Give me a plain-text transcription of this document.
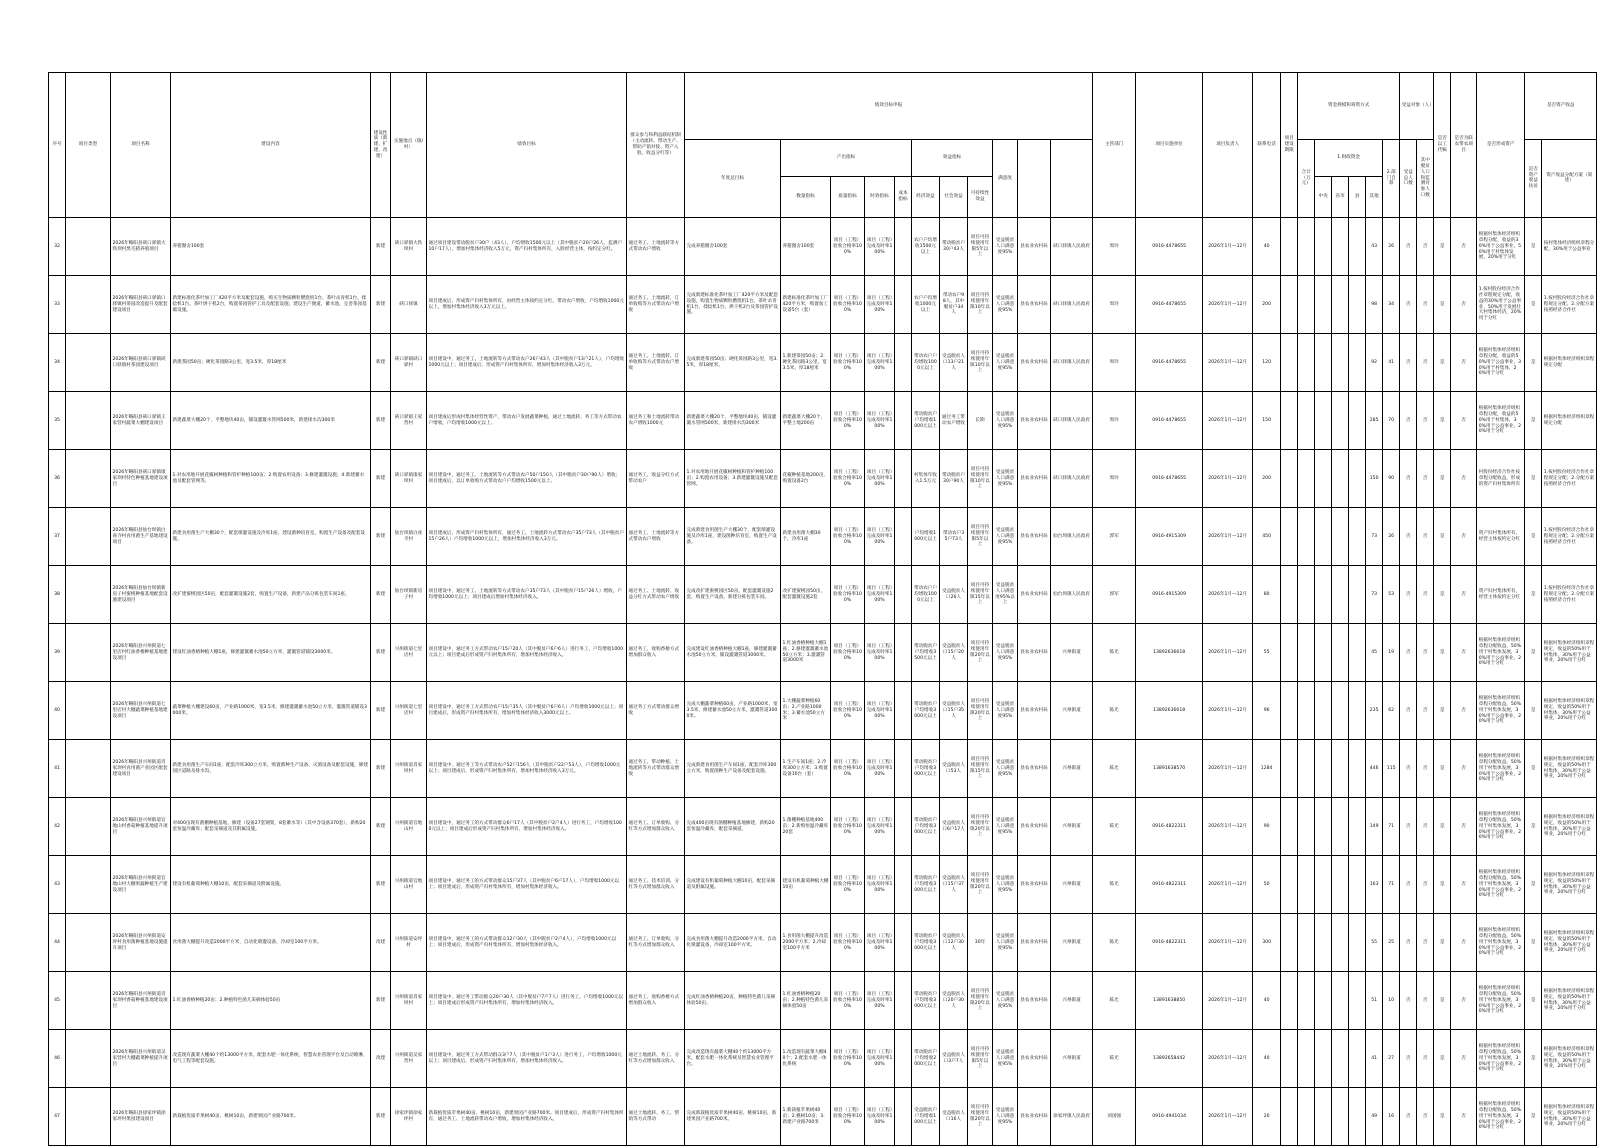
序号	项目类型	项目名称	建设内容	建设性质（新建、扩建、改建）	实施地点（镇/村）	绩效目标	群众参与和利益联结机制（主动流转、带动生产、帮助产销对接、资产入股、收益分红等）	绩效目标申报											主管部门	项目实施单位	项目负责人	联系电话	项目建设期限	资金规模和筹资方式						受益对象（人）		是否以工代赈	是否为联农带农项目	是否形成资产	是否资产收益	
								年度总目标	产出指标				效益指标			满意度								合计（万元）	1.财政资金				2.部门自筹	受益总人口数	其中脱贫人口和监测对象人口数				是否资产收益扶贫	资产收益分配方案（简述）		
									数量指标	质量指标	时效指标	成本指标	经济效益	社会效益	可持续性效益										中央	省市	县	其他									
32		2026年略阳县硖口驿镇大铁坝村黑毛猪养殖项目	养猪圈舍100套	新建	硖口驿镇大铁坝村	通过项目建设带动脱贫户30户（43人），户均增收1500元以上（其中脱贫户20户26人，监测户10户17人），增加村集体经济收入5万元，资产归村集体所有，入股经营主体，按约定分红。	通过务工、土地流转等方式带动农户增收	完成养猪圈舍100套	养猪圈舍100套	项目（工程）验收合格率100%	项目（工程）完成及时率100%		农户户均增收1500元以上	带动脱贫户30户43人	项目可持续使用年限5年以上	受益脱贫人口满意度95%	县农业农村局	硖口驿镇人民政府	周玲	0916-4478655	2026年1月—12月	40						43	26	否	否	是	否	根据村集体经济组织章程分配，收益的30%用于公益事业，50%用于村集体发展，20%用于分红	是	按村集体经济组织章程分配，30%用于公益事业	
33		2026年略阳县硖口驿镇口驿镇村茶园改造提升及配套建设项目	新建标准化茶叶加工厂420平方米及配套设施，购买生物质颗粒燃烧机1台、茶叶杀青机1台、揉捻机1台、茶叶烘干机2台，购置茶园管护工具及配套设施；建设生产便道、蓄水池，完善茶园基础设施。	新建	硖口驿镇	项目建成后，形成资产归村集体所有，由经营主体按约定分红，带动农户增收，户均增收1000元以上，增加村集体经济收入3万元以上。	通过务工、土地流转、订单收购等方式带动农户增收	完成新建标准化茶叶加工厂420平方米及配套设施，购置生物质颗粒燃烧机1台、茶叶杀青机1台、揉捻机1台、烘干机2台及茶园管护设施。	新建标准化茶叶加工厂420平方米，购置加工设备5台（套）	项目（工程）验收合格率100%	项目（工程）完成及时率100%		农户户均增收1000元以上	带动农户98人，其中脱贫户34人	项目可持续使用年限10年以上	受益脱贫人口满意度95%	县农业农村局	硖口驿镇人民政府	周玲	0916-4478655	2026年1月—12月	200						98	34	否	否	是	否	1.按村股份经济合作社章程规定分配，收益的30%用于公益事业，50%用于发展壮大村集体经济，20%用于分红	是	1.按村股份经济合作社章程规定分配，2.分配方案按照经济合作社	
34		2026年略阳县硖口驿镇硖口驿镇村茶园建设项目	新建茶园50亩；硬化茶园路3公里，宽3.5米，厚18厘米	新建	硖口驿镇硖口驿村	项目建设中，通过务工、土地流转等方式带动农户26户43人（其中脱贫户13户21人），户均增收1000元以上；项目建成后，形成资产归村集体所有，增加村集体经济收入3万元。	通过务工、土地流转、订单收购等方式带动农户增收	完成新建茶园50亩；硬化茶园路3公里，宽3.5米，厚18厘米。	1.新建茶园50亩；2.硬化茶园路3公里，宽3.5米，厚18厘米	项目（工程）验收合格率100%	项目（工程）完成及时率100%		带动农户户均增收1000元以上	受益脱贫人口13户21人	项目可持续使用年限10年以上	受益脱贫人口满意度95%	县农业农村局	硖口驿镇人民政府	周玲	0916-4478655	2026年1月—12月	120						92	41	否	否	是	否	根据村集体经济组织章程分配，收益的50%用于公益事业，30%用于村集体，20%用于分红	是	根据村集体经济组织章程规定分配	
35		2026年略阳县硖口驿镇王家营村蔬菜大棚建设项目	新建蔬菜大棚20个，平整地块40亩，铺设灌溉水管网500米，新建排水沟300米	新建	硖口驿镇王家营村	项目建成后形成村集体经营性资产，带动农户发展蔬菜种植，通过土地流转、务工等方式带动农户增收，户均增收1000元以上。	通过务工和土地流转带动农户增收1000元	新建蔬菜大棚20个，平整地块40亩，铺设灌溉水管网500米，新建排水沟300米	新建蔬菜大棚20个，平整土地200亩	项目（工程）验收合格率100%	项目（工程）完成及时率100%		带动脱贫户户均增收1000元以上	通过务工带动农户增收	长期	受益脱贫人口满意度95%	县农业农村局	硖口驿镇人民政府	周玲	0916-4478655	2026年1月—12月	150						285	70	否	否	是	否	根据村集体经济组织章程分配，收益的50%用于村集体，30%用于公益事业，20%用于分红	是	根据村集体经济组织章程规定分配	
36		2026年略阳县硖口驿镇康家坝村特色种植基地建设项目	1.对农用地开展花椒树种植和管护种植100亩；2.购置农用设备；3.修建灌溉设施；4.新建蓄水池及配套管网等。	新建	硖口驿镇康家坝村	项目建设中，通过务工、土地流转等方式带动农户50户150人（其中脱贫户30户90人）增收；项目建成后，以订单收购方式带动农户户均增收1500元以上。	通过务工、收益分红方式带动农户	1.对农用地开展花椒树种植和管护种植100亩；2.购置农用设备；3.新建灌溉设施及配套管网。	花椒种植基地200亩，购置设备2台	项目（工程）验收合格率100%	项目（工程）完成及时率100%		村集体年收入1.5万元	带动脱贫户30户90人	项目可持续使用年限10年以上	受益脱贫人口满意度95%	县农业农村局	硖口驿镇人民政府	周玲	0916-4478655	2026年1月—12月	200						150	90	否	否	是	否	村股份经济合作社按章程分配收益，形成的资产归村集体所有	是	1.按村股份经济合作社章程规定分配；2.分配方案按照经济合作社	
37		2026年略阳县仙台坝镇白雀寺村食用菌生产基地建设项目	新建食用菌生产大棚30个，配套喷灌设施及冷库1座，建设菌种培育室，购置生产设备及配套设施。	新建	仙台坝镇白雀寺村	项目建成后，形成资产归村集体所有，通过务工、土地流转方式带动农户35户73人（其中脱贫户15户26人）户均增收1000元以上，增加村集体经济收入3万元。	通过务工、土地流转等方式带动农户增收	完成新建食用菌生产大棚30个，配套喷灌设施及冷库1座，建设菌种培育室，购置生产设备。	新建食用菌大棚30个，冷库1座	项目（工程）验收合格率100%	项目（工程）完成及时率100%		户均增收1000元以上	带动农户35户73人	项目可持续使用年限5年以上	受益脱贫人口满意度95%	县农业农村局	仙台坝镇人民政府	郭军	0916-4915309	2026年1月—12月	450						73	26	否	否	是	否	资产归村集体所有，经营主体按约定分红	是	1.按村股份经济合作社章程规定分配；2.分配方案按照经济合作社	
38		2026年略阳县仙台坝镇新房子村蜜桃种植基地配套设施建设项目	改扩建蜜桃园区50亩，配套灌溉设施2套，购置生产设备，新建产品分拣包装车间1座。	新建	仙台坝镇新房子村	项目建设中，通过务工、土地流转等方式带动农户35户73人（其中脱贫户15户26人）增收，户均增收1000元以上；项目建成后增加村集体经济收入。	通过务工、土地流转、收益分红方式带动农户增收	完成改扩建蜜桃园区50亩，配套灌溉设施2套，购置生产设备，新建分拣包装车间。	改扩建蜜桃园50亩，配套灌溉设施2套	项目（工程）验收合格率100%	项目（工程）完成及时率100%		带动农户户均增收1000元以上	受益脱贫人口26人	项目可持续使用年限15年以上	受益脱贫人口满意度95%以上	县农业农村局	仙台坝镇人民政府	郭军	0916-4915309	2026年1月—12月	80						73	53	否	否	是	否	资产归村集体所有，经营主体按约定分红	是	1.按村股份经济合作社章程规定分配；2.分配方案按照经济合作社	
39		2026年略阳县兴州街道七里店村红油香椿种植基地建设项目	建设红油香椿种植大棚1座，修建灌溉蓄水池50立方米，灌溉管道铺设3000米。	新建	兴州街道七里店村	项目建设中，通过务工方式带动农户15户20人（其中脱贫户6户6人）进行务工，户均增收1000元以上；项目建成后形成资产归村集体所有，增加村集体经济收入。	通过务工、收购香椿方式增加群众收入	完成建设红油香椿种植大棚1座，修建灌溉蓄水池50立方米，铺设灌溉管道3000米。	1.红油香椿种植大棚1座；2.修建灌溉蓄水池50立方米；3.灌溉管道3000米	项目（工程）验收合格率100%	项目（工程）完成及时率100%		带动脱贫户户均增收3500元以上	受益脱贫人口15户20人	项目可持续使用年限20年以上	受益脱贫人口满意度95%	县农业农村局	兴州街道	陈光	13892636618	2026年1月—12月	55						45	19	否	否	是	否	根据村集体经济组织章程分配收益，50%用于村集体发展，30%用于公益事业，20%用于分红	是	根据村集体经济组织章程规定，收益的50%用于村集体，30%用于公益事业，20%用于分红	
40		2026年略阳县兴州街道七里店村大棚蔬菜种植基地建设项目	蔬菜种植大棚建设60亩，产业路1000米，宽3.5米，修建灌溉蓄水池50立方米，灌溉管道铺设3000米。	新建	兴州街道七里店村	项目建设中，通过务工方式带动农户15户35人（其中脱贫户6户6人）户均增收1000元以上；项目建成后，形成资产归村集体所有，增加村集体经济收入3000元以上。	通过务工方式带动群众增收	完成大棚蔬菜种植60亩，产业路1000米，宽3.5米，修建蓄水池50立方米，灌溉管道3000米。	1.大棚蔬菜种植60亩；2.产业路1000米；3.蓄水池50立方米	项目（工程）验收合格率100%	项目（工程）完成及时率100%		带动脱贫户户均增收3000元以上	受益脱贫人口15户35人	项目可持续使用年限20年以上	受益脱贫人口满意度95%	县农业农村局	兴州街道	陈光	13892636618	2026年1月—12月	96						235	62	否	否	是	否	根据村集体经济组织章程分配收益，50%用于村集体发展，30%用于公益事业，20%用于分红	是	根据村集体经济组织章程规定，收益的50%用于村集体，30%用于公益事业，20%用于分红	
41		2026年略阳县兴州街道肖家坝村食用菌产业园区配套建设项目	新建食用菌生产车间1座，配套冷库300立方米，购置菌种生产设备、灭菌设备及配套设施，修建园区道路及排水沟。	新建	兴州街道肖家坝村	项目建设中，通过务工等方式带动农户52户156人（其中脱贫户22户53人），户均增收1000元以上；项目建成后，形成资产归村集体所有，增加村集体经济收入3万元。	通过务工、带动种植、土地流转等方式带动群众增收	完成新建食用菌生产车间1座，配套冷库300立方米，购置菌种生产设备及配套设施。	1.生产车间1座；2.冷库300立方米；3.购置设备10台（套）	项目（工程）验收合格率100%	项目（工程）完成及时率100%		带动脱贫户户均增收3000元以上	受益脱贫人口53人	项目可持续使用年限15年以上	受益脱贫人口满意度95%	县农业农村局	兴州街道	陈光	13891638570	2026年1月—12月	1284						446	115	否	否	是	否	根据村集体经济组织章程分配收益，50%用于村集体发展，30%用于公益事业，20%用于分红	是	根据村集体经济组织章程规定，收益的50%用于村集体，30%用于公益事业，20%用于分红	
42		2026年略阳县兴州街道官地山村香菇种植基地提升项目	对400亩现有菌棚种植基地，修建（设备27套钢架，8套蓄水等）（其中含设备370套），新购20套恒温冷藏库；配套采摘道及其附属设施。	新建	兴州街道官地山村	项目建设中，通过务工的方式带动群众6户17人（其中脱贫户2户4人）进行务工，户均增收1000元以上；项目建成后形成资产归村集体所有，增加村集体经济收入。	通过务工、订单收购、分红等方式增加群众收入	完成400亩现有菌棚种植基地修建，新购20套恒温冷藏库，配套采摘道。	1.菌棚种植基地400亩；2.新购恒温冷藏库20套	项目（工程）验收合格率100%	项目（工程）完成及时率100%		带动脱贫户户均增收3000元以上	受益脱贫人口6户17人	项目可持续使用年限20年以上	受益脱贫人口满意度95%	县农业农村局	兴州街道	陈光	0916-4822311	2026年1月—12月	90						149	71	否	否	是	否	根据村集体经济组织章程分配收益，50%用于村集体发展，30%用于公益事业，20%用于分红	是	根据村集体经济组织章程规定，收益的50%用于村集体，30%用于公益事业，20%用于分红	
43		2026年略阳县兴州街道官地山村大棚果蔬种植生产建设项目	建设有机葡萄种植大棚10亩，配套采摘道及附属设施。	新建	兴州街道官地山村	项目建设中，通过务工的方式带动群众15户37人（其中脱贫户6户17人），户均增收1000元以上；项目建成后，形成资产归村集体所有，增加村集体经济收入。	通过务工、技术培训、分红等方式增加群众收入	完成建设有机葡萄种植大棚10亩，配套采摘道及附属设施。	建设有机葡萄种植大棚10亩	项目（工程）验收合格率100%	项目（工程）完成及时率100%		带动脱贫户户均增收3000元以上	受益脱贫人口15户37人	项目可持续使用年限20年以上	受益脱贫人口满意度95%	县农业农村局	兴州街道	陈光	0916-4822311	2026年1月—12月	50						163	71	否	否	是	否	根据村集体经济组织章程分配收益，50%用于村集体发展，30%用于公益事业，20%用于分红	是	根据村集体经济组织章程规定，收益的50%用于村集体，30%用于公益事业，20%用于分红	
44		2026年略阳县兴州街道安坪村食用菌种植基地设施提升项目	食用菌大棚提升改造2000平方米，自动化喷灌设备，冷却室100平方米。	改建	兴州街道安坪村	项目建设中，通过务工的方式带动群众12户30人（其中脱贫户2户4人），户均增收1000元以上；项目建成后，形成资产归村集体所有，增加村集体经济收入。	通过务工、订单收购、分红等方式增加群众收入	完成食用菌大棚提升改造2000平方米，自动化喷灌设备，冷却室100平方米。	1.食用菌大棚提升改造2000平方米；2.冷却室100平方米	项目（工程）验收合格率100%	项目（工程）完成及时率100%		带动脱贫户户均增收3000元以上	受益脱贫人口12户30人	30年	受益脱贫人口满意度95%	县农业农村局	兴州街道	陈光	0916-4822311	2026年1月—12月	300						55	25	否	否	是	否	根据村集体经济组织章程分配收益，50%用于村集体发展，30%用于公益事业，20%用于分红	是	根据村集体经济组织章程规定，收益的50%用于村集体，30%用于公益事业，20%用于分红	
45		2026年略阳县兴州街道肖家坝村香菇种植基地建设项目	1.红油香椿种植20亩；2.种植特色菌儿采摘体验50亩	新建	兴州街道肖家坝村	项目建设中，通过务工带动群众20户30人（其中脱贫户7户7人）进行务工，户均增收1000元以上；项目建成后形成资产归村集体所有，增加村集体经济收入。	通过务工、收购香椿方式增加群众收入	完成红油香椿种植20亩，种植特色菌儿采摘体验50亩。	1.红油香椿种植20亩；2.种植特色菌儿采摘体验50亩	项目（工程）验收合格率100%	项目（工程）完成及时率100%		带动脱贫户户均增收3000元以上	受益脱贫人口20户30人	项目可持续使用年限20年以上	受益脱贫人口满意度95%	县农业农村局	兴州街道	陈光	13891638850	2026年1月—12月	40						51	10	否	否	是	否	根据村集体经济组织章程分配收益，50%用于村集体发展，30%用于公益事业，20%用于分红	是	根据村集体经济组织章程规定，收益的50%用于村集体，30%用于公益事业，20%用于分红	
46		2026年略阳县兴州街道吴家营村大棚蔬菜种植提升项目	改造现有蔬菜大棚40个约13000平方米，配套水肥一体化系统，智慧农业管理平台及自动喷淋，电气工程等配套设施。	改建	兴州街道吴家营村	项目建设中，通过务工方式带动群众3户7人（其中脱贫户1户3人）进行务工，户均增收1000元以上；项目建成后，形成资产归村集体所有，增加村集体经济收入。	通过土地流转、务工、分红等方式增加群众收入	完成改造现有蔬菜大棚40个约13000平方米，配套水肥一体化系统及智慧农业管理平台。	1.改造现有蔬菜大棚40个；2.配套水肥一体化系统	项目（工程）验收合格率100%	项目（工程）完成及时率100%		带动脱贫户户均增收2000元以上	受益脱贫人口3户7人	项目可持续使用年限5年以上	受益脱贫人口满意度95%	县农业农村局	兴州街道	陈光	13892658442	2026年1月—12月	40						41	27	否	否	是	否	根据村集体经济组织章程分配收益，50%用于村集体发展，30%用于公益事业，20%用于分红	是	根据村集体经济组织章程规定，收益的50%用于村集体，30%用于公益事业，20%用于分红	
47		2026年略阳县徐家坪镇徐家坪村果园建设项目	新栽植优质苹果树40亩、桃树10亩，新建果园产业路700米。	新建	徐家坪镇徐家坪村	新栽植优质苹果树40亩、桃树10亩，新建果园产业路700米。项目建成后，形成资产归村集体所有，通过务工、土地流转带动农户增收，增加村集体经济收入。	通过土地流转、务工、帮销等方式带动	完成新栽植优质苹果树40亩、桃树10亩，新建果园产业路700米。	1.新栽植苹果树40亩；2.桃树10亩；3.新建产业路700米	项目（工程）验收合格率100%	项目（工程）完成及时率100%		受益脱贫户户均增收1000元以上	受益脱贫人口16人	项目可持续使用年限20年以上	受益脱贫人口满意度95%	县农业农村局	徐家坪镇人民政府	刘国强	0916-4941034	2026年1月—12月	20						49	16	否	否	是	否	根据村集体经济组织章程分配收益，50%用于村集体发展，30%用于公益事业，20%用于分红	是	根据村集体经济组织章程规定，收益的50%用于村集体，30%用于公益事业，20%用于分红	
